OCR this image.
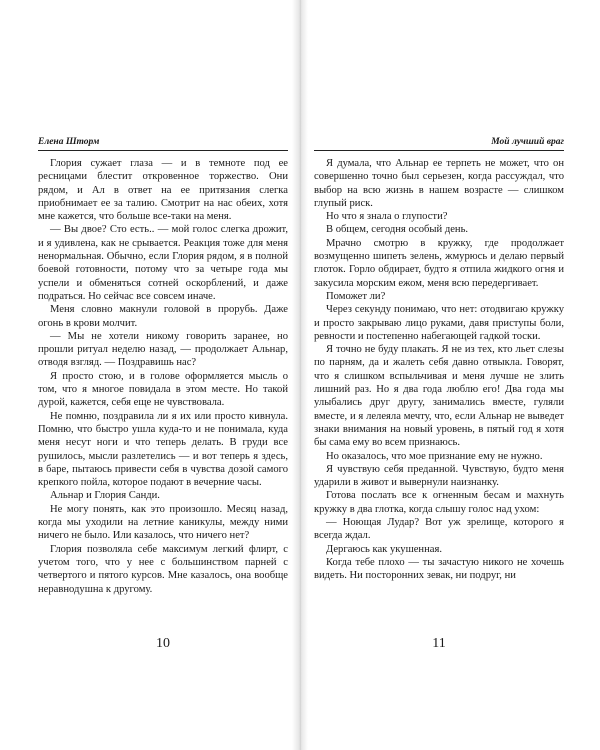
Елена Шторм

Глория сужает глаза — и в темноте под ее ресницами блестит откровенное торжество. Они рядом, и Ал в ответ на ее притязания слегка приобнимает ее за талию. Смотрит на нас обеих, хотя мне кажется, что больше все-таки на меня.

— Вы двое? Сто есть.. — мой голос слегка дрожит, и я удивлена, как не срывается. Реакция тоже для меня ненормальная. Обычно, если Глория рядом, я в полной боевой готовности, потому что за четыре года мы успели и обменяться сотней оскорблений, и даже подраться. Но сейчас все совсем иначе.

Меня словно макнули головой в прорубь. Даже огонь в крови молчит.

— Мы не хотели никому говорить заранее, но прошли ритуал неделю назад, — продолжает Альнар, отводя взгляд. — Поздравишь нас?

Я просто стою, и в голове оформляется мысль о том, что я многое повидала в этом месте. Но такой дурой, кажется, себя еще не чувствовала.

Не помню, поздравила ли я их или просто кивнула. Помню, что быстро ушла куда-то и не понимала, куда меня несут ноги и что теперь делать. В груди все рушилось, мысли разлетелись — и вот теперь я здесь, в баре, пытаюсь привести себя в чувства дозой самого крепкого пойла, которое подают в вечерние часы.

Альнар и Глория Санди.

Не могу понять, как это произошло. Месяц назад, когда мы уходили на летние каникулы, между ними ничего не было. Или казалось, что ничего нет?

Глория позволяла себе максимум легкий флирт, с учетом того, что у нее с большинством парней с четвертого и пятого курсов. Мне казалось, она вообще неравнодушна к другому.

10
Мой лучший враг

Я думала, что Альнар ее терпеть не может, что он совершенно точно был серьезен, когда рассуждал, что выбор на всю жизнь в нашем возрасте — слишком глупый риск.

Но что я знала о глупости?

В общем, сегодня особый день.

Мрачно смотрю в кружку, где продолжает возмущенно шипеть зелень, жмурюсь и делаю первый глоток. Горло обдирает, будто я отпила жидкого огня и закусила морским ежом, меня всю передергивает.

Поможет ли?

Через секунду понимаю, что нет: отодвигаю кружку и просто закрываю лицо руками, давя приступы боли, ревности и постепенно набегающей гадкой тоски.

Я точно не буду плакать. Я не из тех, кто льет слезы по парням, да и жалеть себя давно отвыкла. Говорят, что я слишком вспыльчивая и меня лучше не злить лишний раз. Но я два года люблю его! Два года мы улыбались друг другу, занимались вместе, гуляли вместе, и я лелеяла мечту, что, если Альнар не выведет знаки внимания на новый уровень, в пятый год я хотя бы сама ему во всем признаюсь.

Но оказалось, что мое признание ему не нужно.

Я чувствую себя преданной. Чувствую, будто меня ударили в живот и вывернули наизнанку.

Готова послать все к огненным бесам и махнуть кружку в два глотка, когда слышу голос над ухом:

— Ноющая Лудар? Вот уж зрелище, которого я всегда ждал.

Дергаюсь как укушенная.

Когда тебе плохо — ты зачастую никого не хочешь видеть. Ни посторонних зевак, ни подруг, ни

11
